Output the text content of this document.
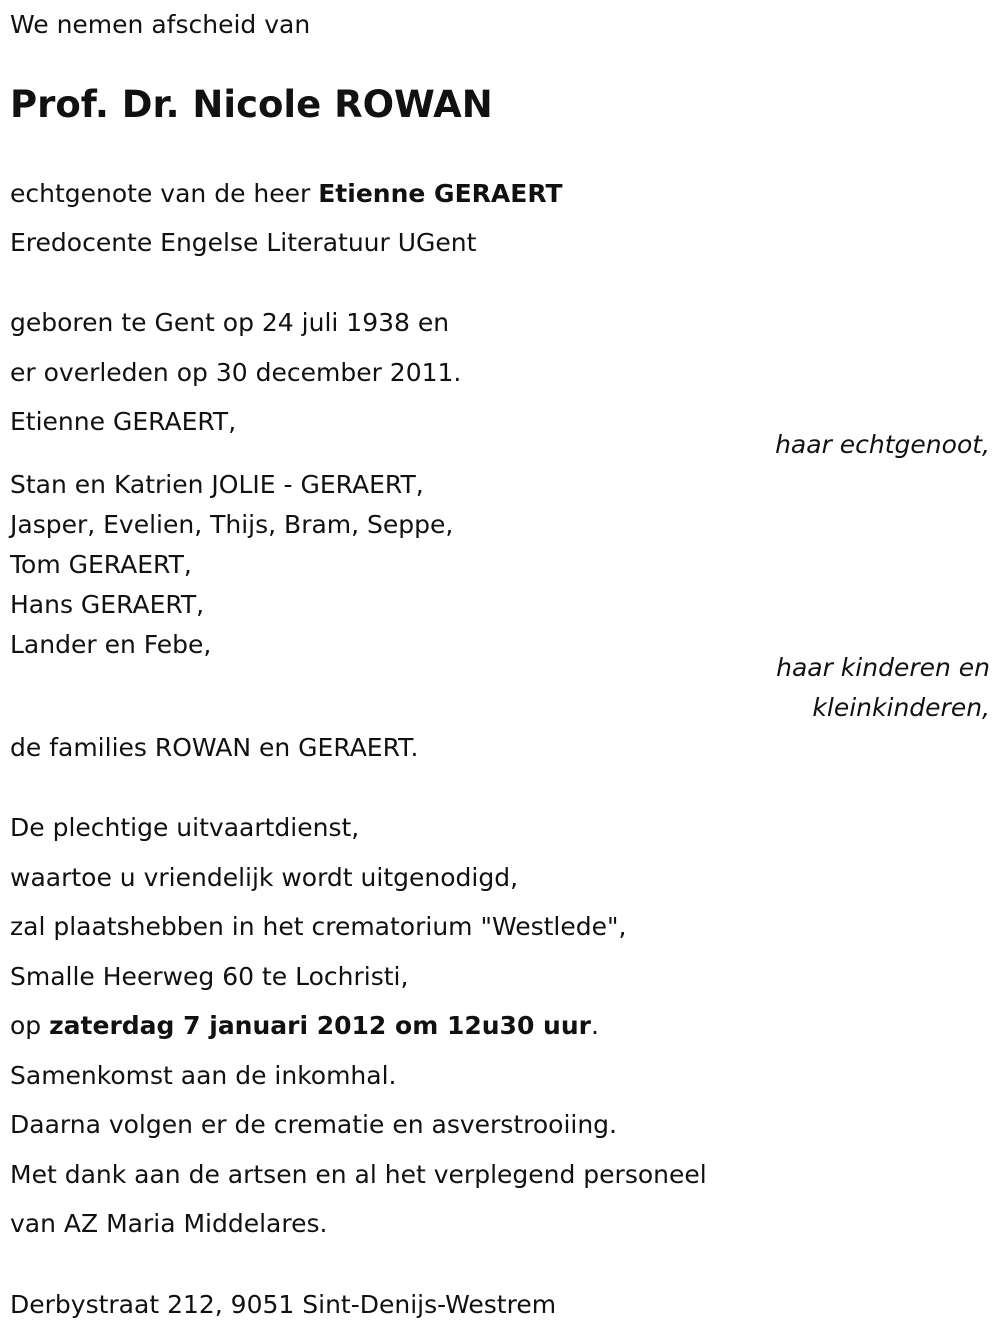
We nemen afscheid van

Prof. Dr. Nicole ROWAN

echtgenote van de heer Etienne GERAERT

Eredocente Engelse Literatuur UGent

geboren te Gent op 24 juli 1938 en

er overleden op 30 december 2011.

Etienne GERAERT,

haar echtgenoot,

Stan en Katrien JOLIE - GERAERT,

Jasper, Evelien, Thijs, Bram, Seppe,

Tom GERAERT,

Hans GERAERT,

Lander en Febe,

haar kinderen en

kleinkinderen,

de families ROWAN en GERAERT.

De plechtige uitvaartdienst,

waartoe u vriendelijk wordt uitgenodigd,

zal plaatshebben in het crematorium "Westlede",

Smalle Heerweg 60 te Lochristi,

op zaterdag 7 januari 2012 om 12u30 uur.

Samenkomst aan de inkomhal.

Daarna volgen er de crematie en asverstrooiing.

Met dank aan de artsen en al het verplegend personeel

van AZ Maria Middelares.

Derbystraat 212, 9051 Sint-Denijs-Westrem
